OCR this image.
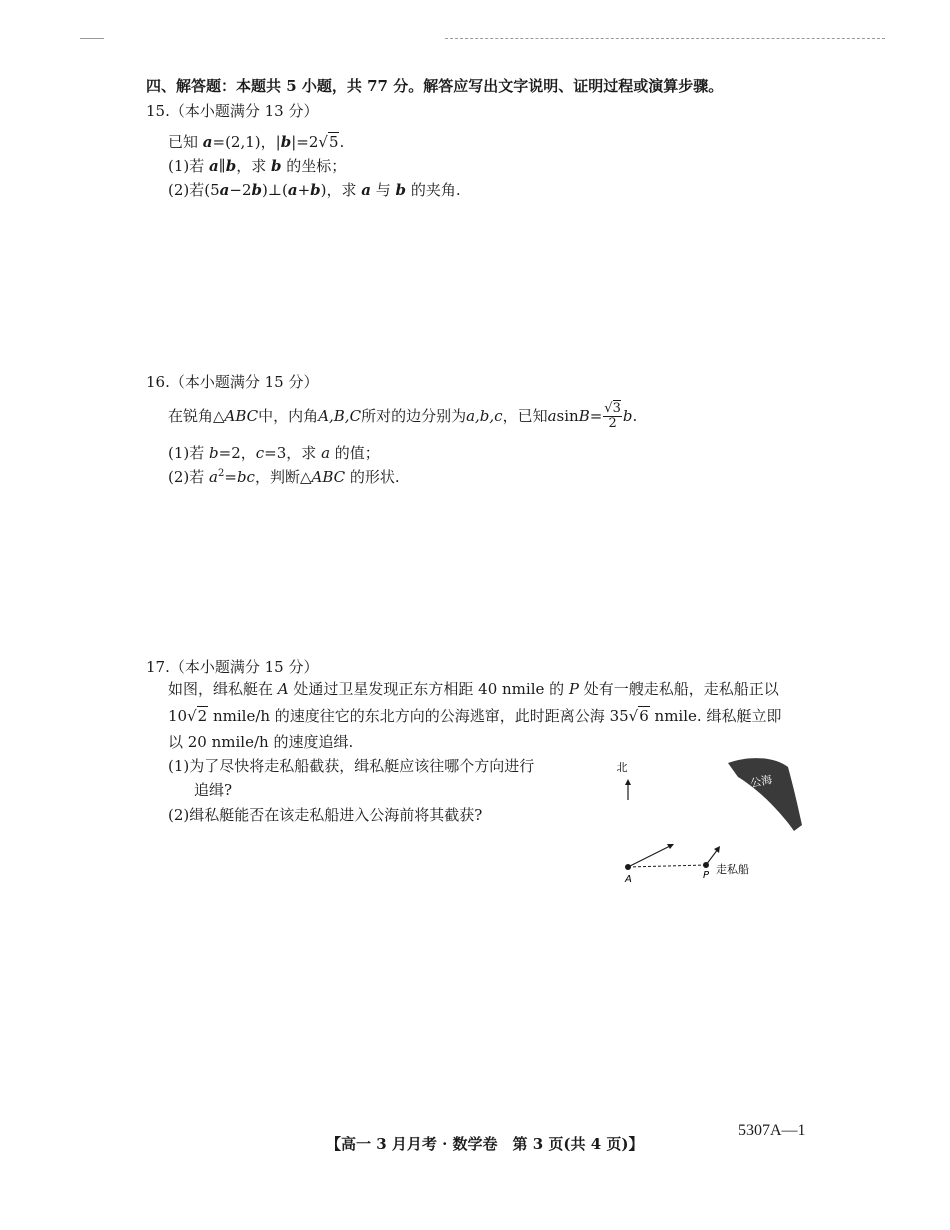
四、解答题：本题共 5 小题，共 77 分。解答应写出文字说明、证明过程或演算步骤。
15.（本小题满分 13 分）
已知 a=(2,1)，|b|=2√5.
(1)若 a∥b，求 b 的坐标；
(2)若(5a−2b)⊥(a+b)，求 a 与 b 的夹角.
16.（本小题满分 15 分）
在锐角△ ABC 中，内角 A,B,C 所对的边分别为 a,b,c ，已知 a $\sin B = \frac{√3}{2}$ b .
(1)若 b=2，c=3，求 a 的值；
(2)若 $a^2=bc$，判断△ABC 的形状.
17.（本小题满分 15 分）
如图，缉私艇在 A 处通过卫星发现正东方相距 40 nmile 的 P 处有一艘走私船，走私船正以
10√2 nmile/h 的速度往它的东北方向的公海逃窜，此时距离公海 35√6 nmile. 缉私艇立即
以 20 nmile/h 的速度追缉.
(1)为了尽快将走私船截获，缉私艇应该往哪个方向进行
追缉?
(2)缉私艇能否在该走私船进入公海前将其截获?
北
公海
A	P 走私船
【高一 3 月月考 · 数学卷　第 3 页(共 4 页)】
5307A—1
